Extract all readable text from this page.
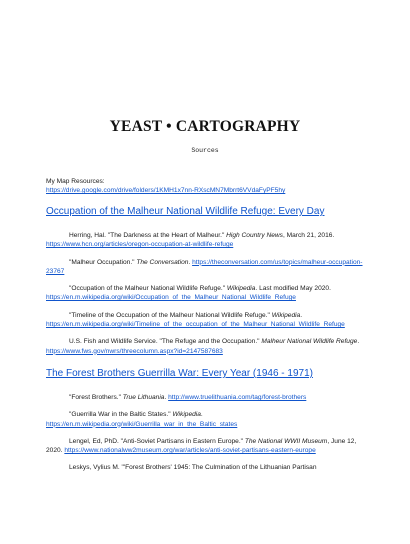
YEAST • CARTOGRAPHY

Sources

My Map Resources:
https://drive.google.com/drive/folders/1KMH1x7nn-RXscMN7Mbrrt6VVdaFyPF5hy
Occupation of the Malheur National Wildlife Refuge: Every Day

Herring, Hal. "The Darkness at the Heart of Malheur." High Country News, March 21, 2016. https://www.hcn.org/articles/oregon-occupation-at-wildlife-refuge

"Malheur Occupation." The Conversation. https://theconversation.com/us/topics/malheur-occupation-23767

"Occupation of the Malheur National Wildlife Refuge." Wikipedia. Last modified May 2020. https://en.m.wikipedia.org/wiki/Occupation_of_the_Malheur_National_Wildlife_Refuge

"Timeline of the Occupation of the Malheur National Wildlife Refuge." Wikipedia. https://en.m.wikipedia.org/wiki/Timeline_of_the_occupation_of_the_Malheur_National_Wildlife_Refuge

U.S. Fish and Wildlife Service. "The Refuge and the Occupation." Malheur National Wildlife Refuge. https://www.fws.gov/nwrs/threecolumn.aspx?id=2147587683

The Forest Brothers Guerrilla War: Every Year (1946 - 1971)

"Forest Brothers." True Lithuania. http://www.truelithuania.com/tag/forest-brothers

"Guerrilla War in the Baltic States." Wikipedia. https://en.m.wikipedia.org/wiki/Guerrilla_war_in_the_Baltic_states

Lengel, Ed, PhD. "Anti-Soviet Partisans in Eastern Europe." The National WWII Museum, June 12, 2020. https://www.nationalww2museum.org/war/articles/anti-soviet-partisans-eastern-europe

Leskys, Vylius M. "'Forest Brothers' 1945: The Culmination of the Lithuanian Partisan
